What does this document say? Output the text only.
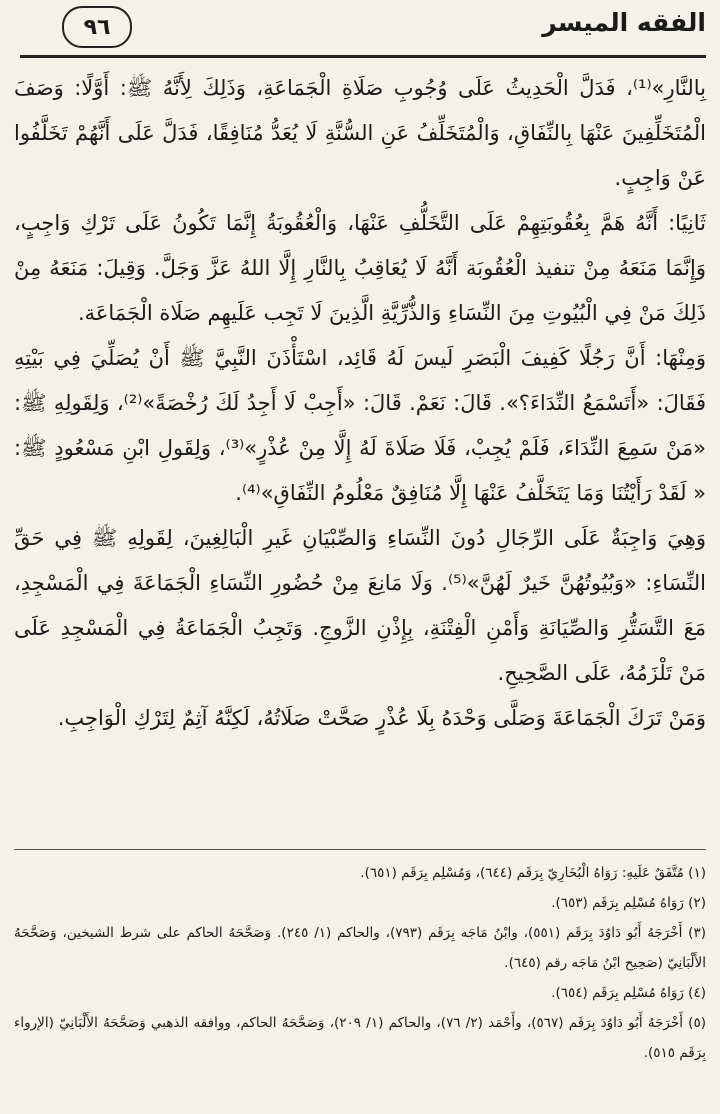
الفقه الميسر
٩٦

بِالنَّارِ»⁽¹⁾، فَدَلَّ الْحَدِيثُ عَلَى وُجُوبِ صَلَاةِ الْجَمَاعَةِ، وَذَلِكَ لِأَنَّهُ ﷺ: أَوَّلًا: وَصَفَ الْمُتَخَلِّفِينَ عَنْهَا بِالنِّفَاقِ، وَالْمُتَخَلِّفُ عَنِ السُّنَّةِ لَا يُعَدُّ مُنَافِقًا، فَدَلَّ عَلَى أَنَّهُمْ تَخَلَّفُوا عَنْ وَاجِبٍ.

ثَانِيًا: أَنَّهُ هَمَّ بِعُقُوبَتِهِمْ عَلَى التَّخَلُّفِ عَنْهَا، وَالْعُقُوبَةُ إِنَّمَا تَكُونُ عَلَى تَرْكِ وَاجِبٍ، وَإِنَّمَا مَنَعَهُ مِنْ تنفيذ الْعُقُوبَة أَنَّهُ لَا يُعَاقِبُ بِالنَّارِ إِلَّا اللهُ عَزَّ وَجَلَّ. وَقِيلَ: مَنَعَهُ مِنْ ذَلِكَ مَنْ فِي الْبُيُوتِ مِنَ النِّسَاءِ وَالذُّرِّيَّةِ الَّذِينَ لَا تَجِب عَلَيهِم صَلَاة الْجَمَاعَة.

وَمِنْهَا: أَنَّ رَجُلًا كَفِيفَ الْبَصَرِ لَيسَ لَهُ قَائِد، اسْتَأْذَنَ النَّبِيَّ ﷺ أَنْ يُصَلِّيَ فِي بَيْتِهِ فَقَالَ: «أَتَسْمَعُ النِّدَاءَ؟». قَالَ: نَعَمْ. قَالَ: «أَجِبْ لَا أَجِدُ لَكَ رُخْصَةً»⁽²⁾، وَلِقَولِهِ ﷺ: «مَنْ سَمِعَ النِّدَاءَ، فَلَمْ يُجِبْ، فَلَا صَلَاةَ لَهُ إِلَّا مِنْ عُذْرٍ»⁽³⁾، وَلِقَولِ ابْنِ مَسْعُودٍ ﷺ: « لَقَدْ رَأَيْتُنَا وَمَا يَتَخَلَّفُ عَنْهَا إِلَّا مُنَافِقٌ مَعْلُومُ النِّفَاقِ»⁽⁴⁾.

وَهِيَ وَاجِبَةٌ عَلَى الرِّجَالِ دُونَ النِّسَاءِ وَالصِّبْيَانِ غَيرِ الْبَالِغِينَ، لِقَولِهِ ﷺ فِي حَقِّ النِّسَاءِ: «وَبُيُوتُهُنَّ خَيرٌ لَهُنَّ»⁽⁵⁾. وَلَا مَانِعَ مِنْ حُضُورِ النِّسَاءِ الْجَمَاعَةَ فِي الْمَسْجِدِ، مَعَ التَّسَتُّرِ وَالصِّيَانَةِ وَأَمْنِ الْفِتْنَةِ، بِإِذْنِ الزَّوجِ. وَتَجِبُ الْجَمَاعَةُ فِي الْمَسْجِدِ عَلَى مَنْ تَلْزَمُهُ، عَلَى الصَّحِيحِ.

وَمَنْ تَرَكَ الْجَمَاعَةَ وَصَلَّى وَحْدَهُ بِلَا عُذْرٍ صَحَّتْ صَلَاتُهُ، لَكِنَّهُ آثِمٌ لِتَرْكِ الْوَاجِبِ.

(١) مُتَّفَقٌ عَلَيهِ: رَوَاهُ الْبُخَارِيّ بِرَقَم (٦٤٤)، وَمُسْلِم بِرَقَم (٦٥١).

(٢) رَوَاهُ مُسْلِم بِرَقَم (٦٥٣).

(٣) أَخْرَجَهُ أَبُو دَاوُدَ بِرَقَم (٥٥١)، وابْنُ مَاجَه بِرَقَم (٧٩٣)، والحاكم (١/ ٢٤٥). وَصَحَّحَهُ الحاكم على شرط الشيخين، وَصَحَّحَهُ الأَلْبَانِيّ (صَحِيح ابْنُ مَاجَه رقم (٦٤٥).

(٤) رَوَاهُ مُسْلِم بِرَقَم (٦٥٤).

(٥) أَخْرَجَهُ أَبُو دَاوُدَ بِرَقَم (٥٦٧)، وأَحْمَد (٢/ ٧٦)، والحاكم (١/ ٢٠٩)، وَصَحَّحَهُ الحاكم، ووافقه الذهبي وَصَحَّحَهُ الأَلْبَانِيّ (الإرواء بِرَقَم ٥١٥).
